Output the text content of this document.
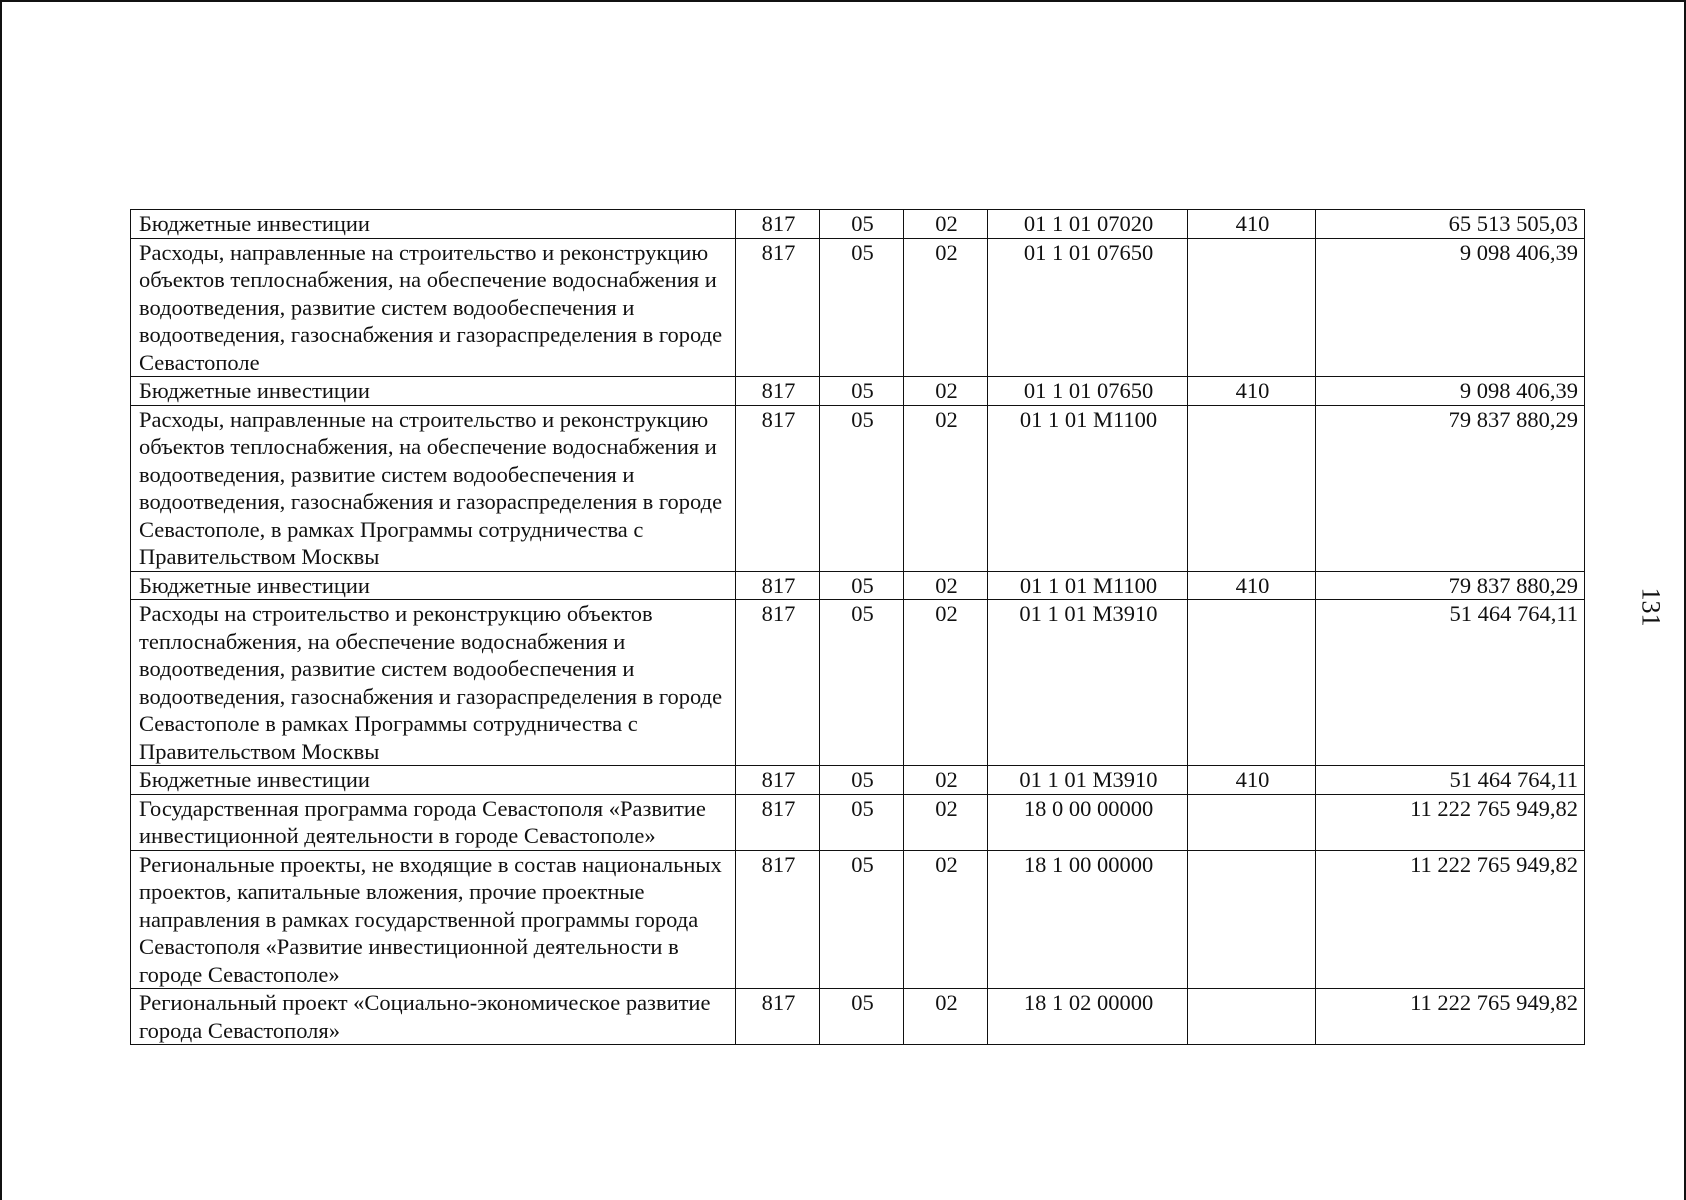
131
Бюджетные инвестиции	817	05	02	01 1 01 07020	410	65 513 505,03
Расходы, направленные на строительство и реконструкцию объектов теплоснабжения, на обеспечение водоснабжения и водоотведения, развитие систем водообеспечения и водоотведения, газоснабжения и газораспределения в городе Севастополе	817	05	02	01 1 01 07650		9 098 406,39
Бюджетные инвестиции	817	05	02	01 1 01 07650	410	9 098 406,39
Расходы, направленные на строительство и реконструкцию объектов теплоснабжения, на обеспечение водоснабжения и водоотведения, развитие систем водообеспечения и водоотведения, газоснабжения и газораспределения в городе Севастополе, в рамках Программы сотрудничества с Правительством Москвы	817	05	02	01 1 01 M1100		79 837 880,29
Бюджетные инвестиции	817	05	02	01 1 01 M1100	410	79 837 880,29
Расходы на строительство и реконструкцию объектов теплоснабжения, на обеспечение водоснабжения и водоотведения, развитие систем водообеспечения и водоотведения, газоснабжения и газораспределения в городе Севастополе в рамках Программы сотрудничества с Правительством Москвы	817	05	02	01 1 01 M3910		51 464 764,11
Бюджетные инвестиции	817	05	02	01 1 01 M3910	410	51 464 764,11
Государственная программа города Севастополя «Развитие инвестиционной деятельности в городе Севастополе»	817	05	02	18 0 00 00000		11 222 765 949,82
Региональные проекты, не входящие в состав национальных проектов, капитальные вложения, прочие проектные направления в рамках государственной программы города Севастополя «Развитие инвестиционной деятельности в городе Севастополе»	817	05	02	18 1 00 00000		11 222 765 949,82
Региональный проект «Социально-экономическое развитие города Севастополя»	817	05	02	18 1 02 00000		11 222 765 949,82
